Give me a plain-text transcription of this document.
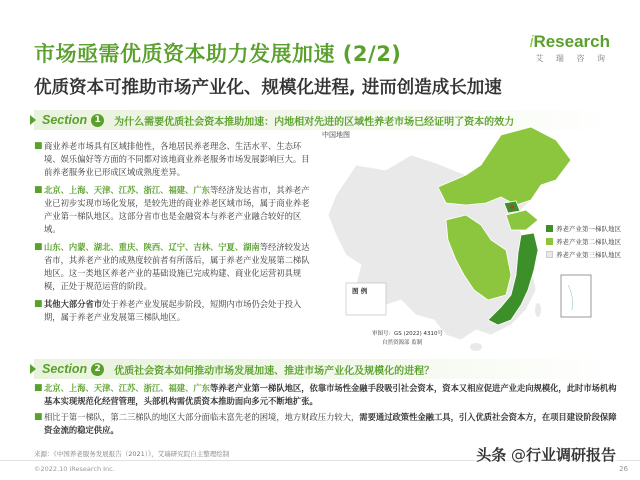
市场亟需优质资本助力发展加速 (2/2)
优质资本可推助市场产业化、规模化进程, 进而创造成长加速
iResearch
艾 瑞 咨 询
Section 1	为什么需要优质社会资本推助加速：内地相对先进的区域性养老市场已经证明了资本的效力
■ 商业养老市场具有区域排他性，各地居民养老理念、生活水平、生态环境、娱乐偏好等方面的不同都对该地商业养老服务市场发展影响巨大。目前养老服务业已形成区域成熟度差异。
■ 北京、上海、天津、江苏、浙江、福建、广东等经济发达省市，其养老产业已初步实现市场化发展，是较先进的商业养老区域市场，属于商业养老产业第一梯队地区。这部分省市也是金融资本与养老产业融合较好的区域。
■ 山东、内蒙、湖北、重庆、陕西、辽宁、吉林、宁夏、湖南等经济较发达省市，其养老产业的成熟度较前者有所落后，属于养老产业发展第二梯队地区。这一类地区养老产业的基础设施已完成构建、商业化运营初具规模，正处于规范运营的阶段。
■ 其他大部分省市处于养老产业发展起步阶段，短期内市场仍会处于投入期，属于养老产业发展第三梯队地区。
中国地图
图 例
审图号：GS (2022) 4310号
自然资源部 监制
养老产业第一梯队地区
养老产业第二梯队地区
养老产业第三梯队地区
Section 2	优质社会资本如何推动市场发展加速、推进市场产业化及规模化的进程？
■ 北京、上海、天津、江苏、浙江、福建、广东等养老产业第一梯队地区，依靠市场性金融手段吸引社会资本，资本又相应促进产业走向规模化，此时市场机构基本实现规范化经营管理，头部机构需优质资本推助面向多元不断地扩张。
■ 相比于第一梯队，第二三梯队的地区大部分面临未富先老的困境，地方财政压力较大，需要通过政策性金融工具，引入优质社会资本方，在项目建设阶段保障资金流的稳定供应。
来源：《中国养老服务发展报告（2021）》，艾瑞研究院自主整理绘制
©2022.10 iResearch Inc.	26
头条 @行业调研报告
